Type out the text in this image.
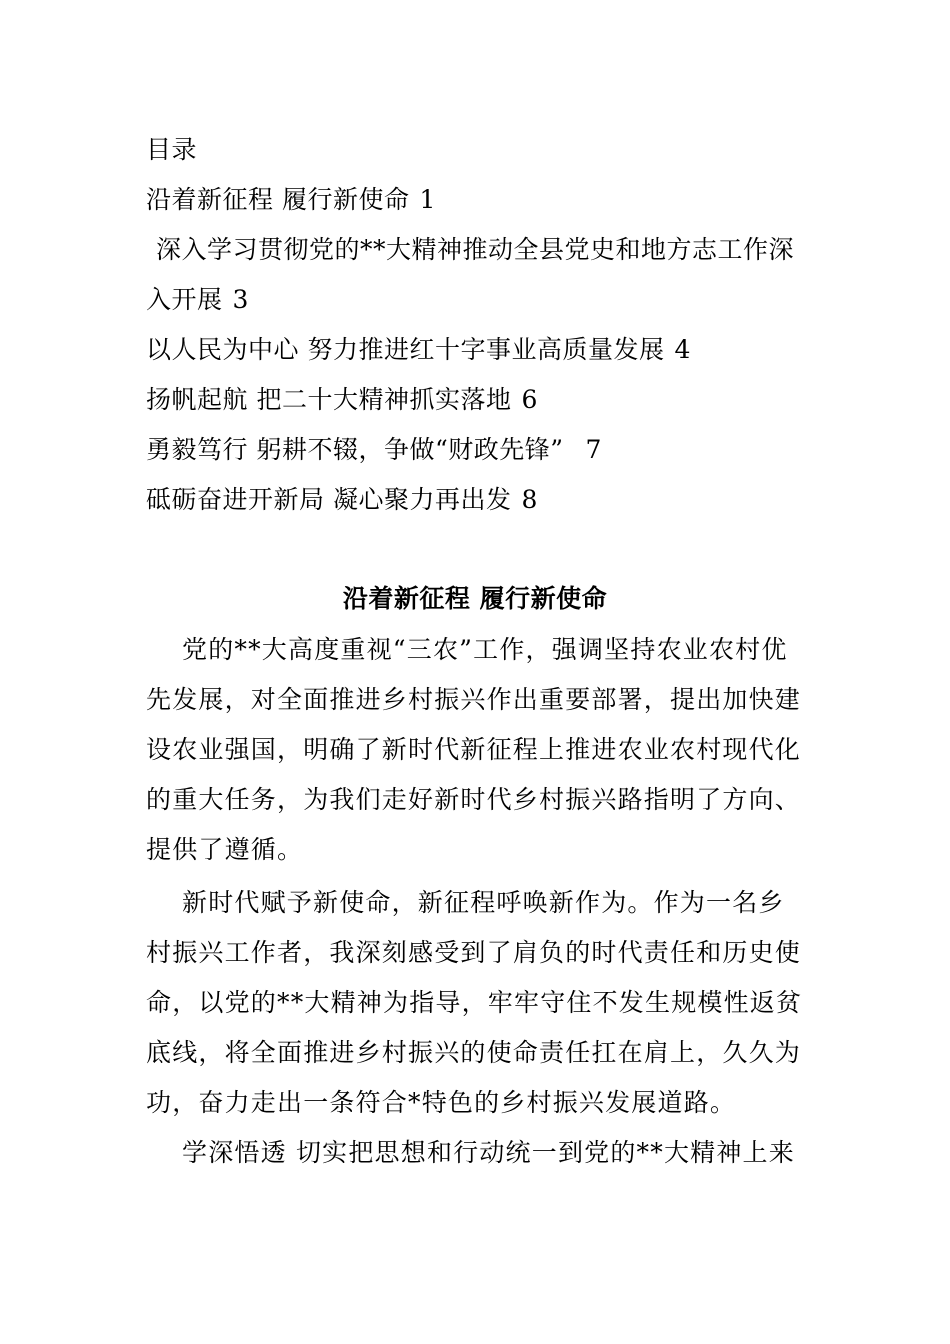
目录
沿着新征程 履行新使命 1
深入学习贯彻党的**大精神推动全县党史和地方志工作深
入开展 3
以人民为中心 努力推进红十字事业高质量发展 4
扬帆起航 把二十大精神抓实落地 6
勇毅笃行 躬耕不辍，争做“财政先锋” 7
砥砺奋进开新局 凝心聚力再出发 8
沿着新征程 履行新使命

党的**大高度重视“三农”工作，强调坚持农业农村优先发展，对全面推进乡村振兴作出重要部署，提出加快建设农业强国，明确了新时代新征程上推进农业农村现代化的重大任务，为我们走好新时代乡村振兴路指明了方向、提供了遵循。

新时代赋予新使命，新征程呼唤新作为。作为一名乡村振兴工作者，我深刻感受到了肩负的时代责任和历史使命，以党的**大精神为指导，牢牢守住不发生规模性返贫底线，将全面推进乡村振兴的使命责任扛在肩上，久久为功，奋力走出一条符合*特色的乡村振兴发展道路。

学深悟透 切实把思想和行动统一到党的**大精神上来
